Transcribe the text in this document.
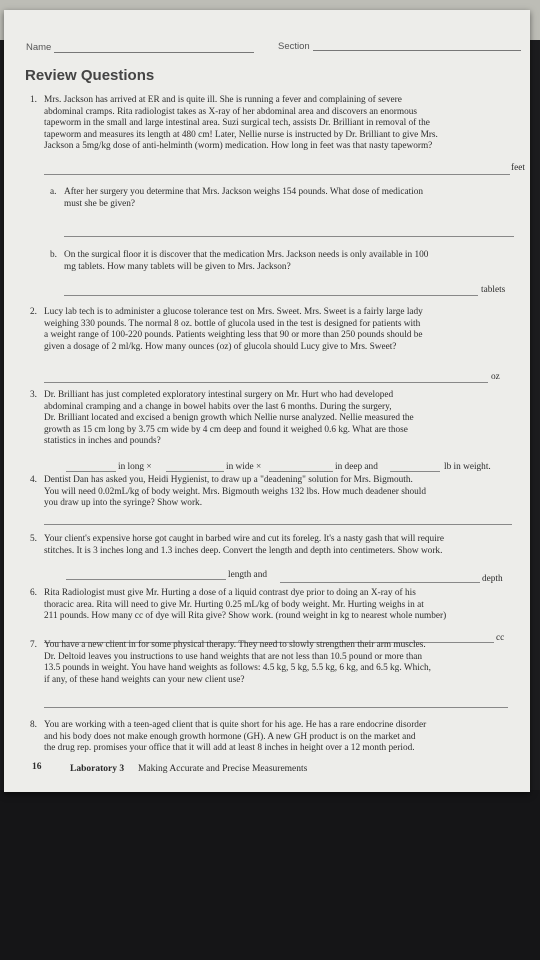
Name	Section
Review Questions
1. Mrs. Jackson has arrived at ER and is quite ill. She is running a fever and complaining of severe
abdominal cramps. Rita radiologist takes as X-ray of her abdominal area and discovers an enormous
tapeworm in the small and large intestinal area. Suzi surgical tech, assists Dr. Brilliant in removal of the
tapeworm and measures its length at 480 cm! Later, Nellie nurse is instructed by Dr. Brilliant to give Mrs.
Jackson a 5mg/kg dose of anti-helminth (worm) medication. How long in feet was that nasty tapeworm?
feet
a. After her surgery you determine that Mrs. Jackson weighs 154 pounds. What dose of medication
must she be given?
b. On the surgical floor it is discover that the medication Mrs. Jackson needs is only available in 100
mg tablets. How many tablets will be given to Mrs. Jackson?
tablets
2. Lucy lab tech is to administer a glucose tolerance test on Mrs. Sweet. Mrs. Sweet is a fairly large lady
weighing 330 pounds. The normal 8 oz. bottle of glucola used in the test is designed for patients with
a weight range of 100-220 pounds. Patients weighting less that 90 or more than 250 pounds should be
given a dosage of 2 ml/kg. How many ounces (oz) of glucola should Lucy give to Mrs. Sweet?
oz
3. Dr. Brilliant has just completed exploratory intestinal surgery on Mr. Hurt who had developed
abdominal cramping and a change in bowel habits over the last 6 months. During the surgery,
Dr. Brilliant located and excised a benign growth which Nellie nurse analyzed. Nellie measured the
growth as 15 cm long by 3.75 cm wide by 4 cm deep and found it weighed 0.6 kg. What are those
statistics in inches and pounds?
in long ×	in wide ×	in deep and	lb in weight.
4. Dentist Dan has asked you, Heidi Hygienist, to draw up a "deadening" solution for Mrs. Bigmouth.
You will need 0.02mL/kg of body weight. Mrs. Bigmouth weighs 132 lbs. How much deadener should
you draw up into the syringe? Show work.
5. Your client's expensive horse got caught in barbed wire and cut its foreleg. It's a nasty gash that will require
stitches. It is 3 inches long and 1.3 inches deep. Convert the length and depth into centimeters. Show work.
length and	depth
6. Rita Radiologist must give Mr. Hurting a dose of a liquid contrast dye prior to doing an X-ray of his
thoracic area. Rita will need to give Mr. Hurting 0.25 mL/kg of body weight. Mr. Hurting weighs in at
211 pounds. How many cc of dye will Rita give? Show work. (round weight in kg to nearest whole number)
cc
7. You have a new client in for some physical therapy. They need to slowly strengthen their arm muscles.
Dr. Deltoid leaves you instructions to use hand weights that are not less than 10.5 pound or more than
13.5 pounds in weight. You have hand weights as follows: 4.5 kg, 5 kg, 5.5 kg, 6 kg, and 6.5 kg. Which,
if any, of these hand weights can your new client use?
8. You are working with a teen-aged client that is quite short for his age. He has a rare endocrine disorder
and his body does not make enough growth hormone (GH). A new GH product is on the market and
the drug rep. promises your office that it will add at least 8 inches in height over a 12 month period.
16	Laboratory 3 Making Accurate and Precise Measurements
